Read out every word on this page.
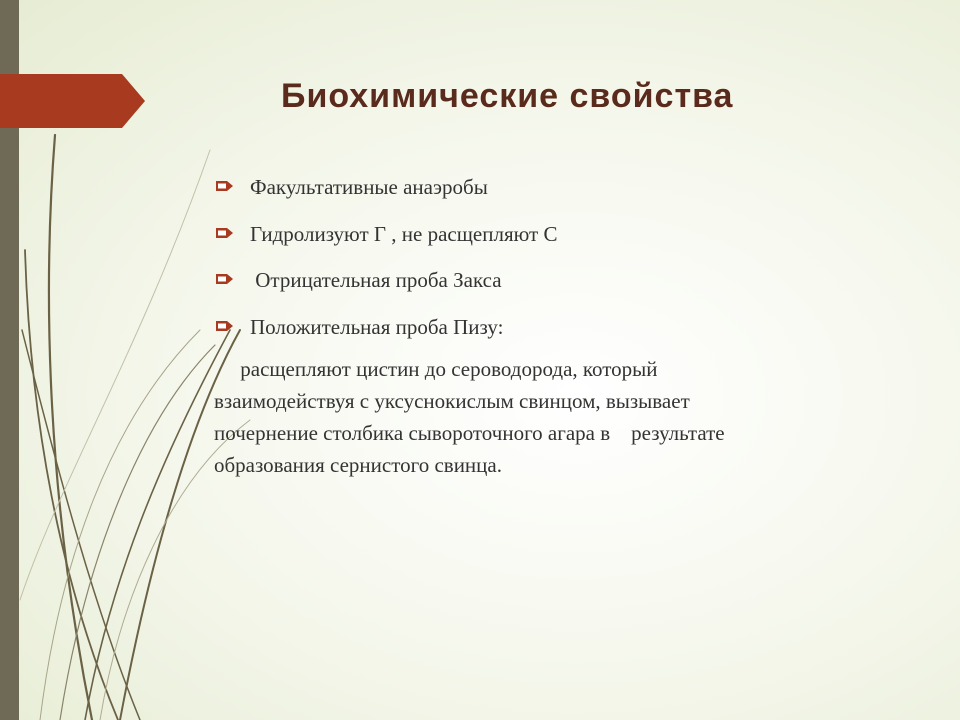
Биохимические свойства
Факультативные анаэробы
Гидролизуют Г , не расщепляют С
Отрицательная проба Закса
Положительная проба Пизу:

расщепляют цистин до сероводорода, который
взаимодействуя с уксуснокислым свинцом, вызывает
почернение столбика сывороточного агара в    результате
образования сернистого свинца.
